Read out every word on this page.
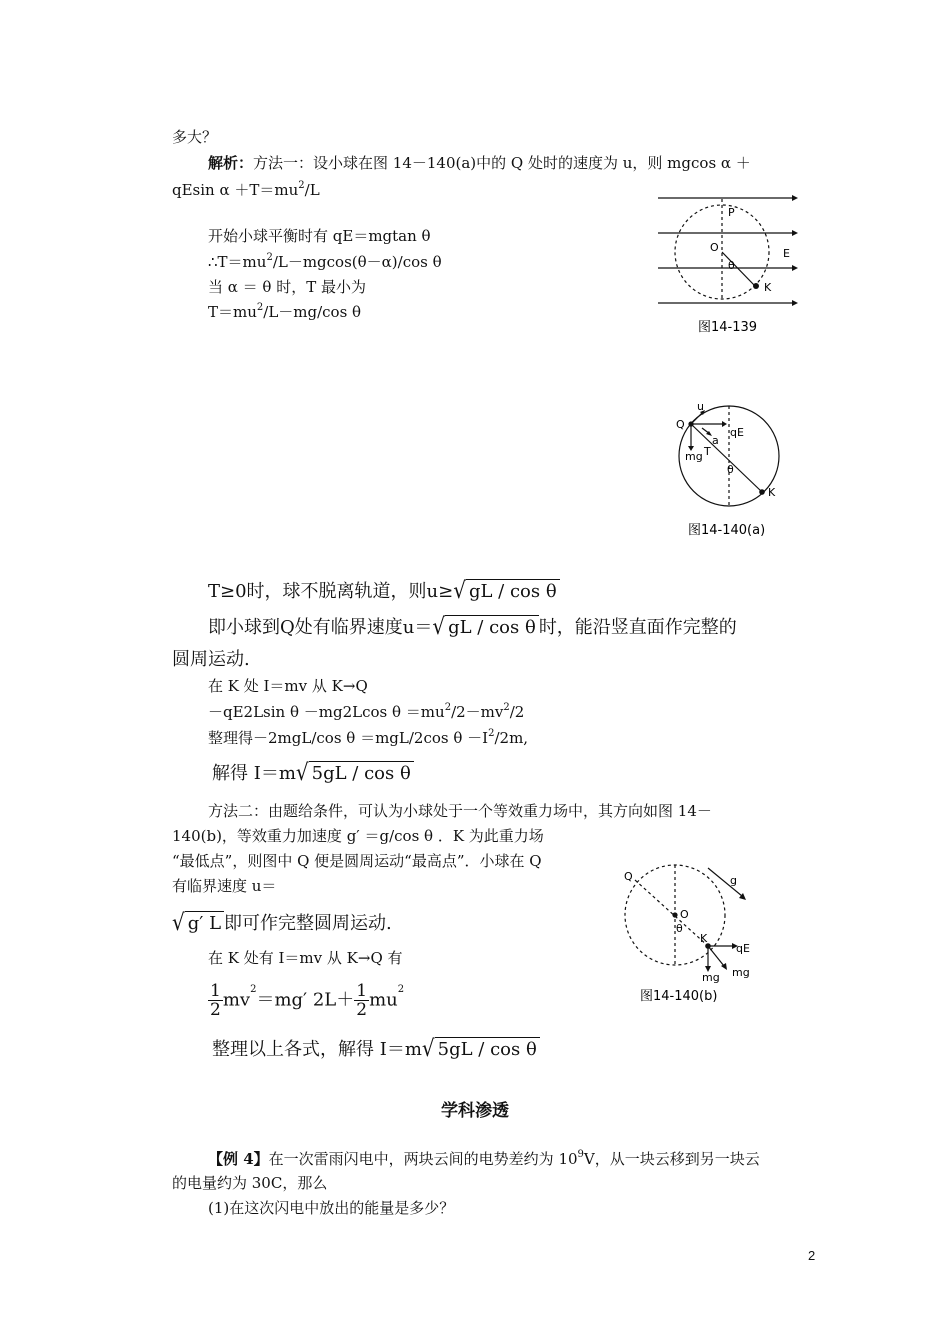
多大？
解析：方法一：设小球在图 14－140(a)中的 Q 处时的速度为 u，则 mgcos α ＋
qEsin $\alpha +T=mu^2/L$
开始小球平衡时有 qE＝mgtan θ
$\therefore T=mu^2/L-mgcos(\theta-\alpha)/\cos$ θ
当 α ＝ θ 时，T 最小为
$T=mu^2/L-mg/\cos$ θ
P
O	E
θ
K
图14-139
u
Q
qE
a
mg T
θ
K
图14-140(a)
T≥0时，球不脱离轨道，则u≥√ gL / cos θ
即小球到Q处有临界速度u＝√ gL / cos θ 时，能沿竖直面作完整的
圆周运动.
在 K 处 I＝mv 从 K→Q
－qE2Lsin θ －mg2Lcos $\theta =mu^2/2-mv^2/2$
整理得－2mgL/cos θ ＝mgL/2cos $\theta -I^2/2m$,
解得 I＝m√ 5gL / cos θ
方法二：由题给条件，可认为小球处于一个等效重力场中，其方向如图 14－
140(b)，等效重力加速度 g′ ＝g/cos θ ．K 为此重力场
“最低点”，则图中 Q 便是圆周运动“最高点”．小球在 Q
有临界速度 u＝
√ g′ L 即可作完整圆周运动.
在 K 处有 I＝mv 从 K→Q 有
$\frac{1}{2} mv^2=mg'$ $2L+ \frac{1}{2} mu^2$
整理以上各式，解得 I＝m√ 5gL / cos θ
Q	g
O
θ
K
qE
mg mg
图14-140(b)
学科渗透
【例 4】在一次雷雨闪电中，两块云间的电势差约为 $10^9V$，从一块云移到另一块云
的电量约为 30C，那么
(1)在这次闪电中放出的能量是多少？
2
